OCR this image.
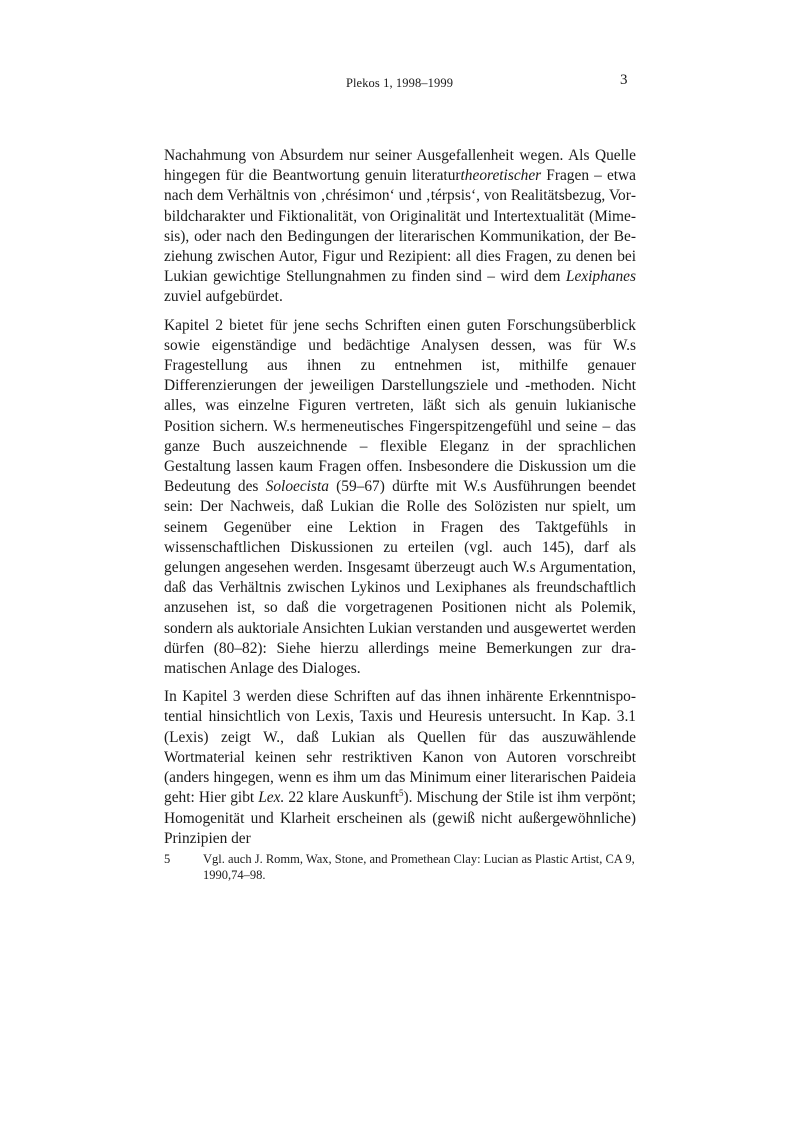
Plekos 1, 1998–1999	3

Nachahmung von Absurdem nur seiner Ausgefallenheit wegen. Als Quelle hingegen für die Beantwortung genuin literaturtheoretischer Fragen – etwa nach dem Verhältnis von ‚chrésimon‘ und ‚térpsis‘, von Realitätsbezug, Vorbildcharakter und Fiktionalität, von Originalität und Intertextualität (Mimesis), oder nach den Bedingungen der literarischen Kommunikation, der Beziehung zwischen Autor, Figur und Rezipient: all dies Fragen, zu denen bei Lukian gewichtige Stellungnahmen zu finden sind – wird dem Lexiphanes zuviel aufgebürdet.

Kapitel 2 bietet für jene sechs Schriften einen guten Forschungsüberblick sowie eigenständige und bedächtige Analysen dessen, was für W.s Fragestellung aus ihnen zu entnehmen ist, mithilfe genauer Differenzierungen der jeweiligen Darstellungsziele und -methoden. Nicht alles, was einzelne Figuren vertreten, läßt sich als genuin lukianische Position sichern. W.s hermeneutisches Fingerspitzengefühl und seine – das ganze Buch auszeichnende – flexible Eleganz in der sprachlichen Gestaltung lassen kaum Fragen offen. Insbesondere die Diskussion um die Bedeutung des Soloecista (59–67) dürfte mit W.s Ausführungen beendet sein: Der Nachweis, daß Lukian die Rolle des Solözisten nur spielt, um seinem Gegenüber eine Lektion in Fragen des Taktgefühls in wissenschaftlichen Diskussionen zu erteilen (vgl. auch 145), darf als gelungen angesehen werden. Insgesamt überzeugt auch W.s Argumentation, daß das Verhältnis zwischen Lykinos und Lexiphanes als freundschaftlich anzusehen ist, so daß die vorgetragenen Positionen nicht als Polemik, sondern als auktoriale Ansichten Lukian verstanden und ausgewertet werden dürfen (80–82): Siehe hierzu allerdings meine Bemerkungen zur dramatischen Anlage des Dialoges.

In Kapitel 3 werden diese Schriften auf das ihnen inhärente Erkenntnispotential hinsichtlich von Lexis, Taxis und Heuresis untersucht. In Kap. 3.1 (Lexis) zeigt W., daß Lukian als Quellen für das auszuwählende Wortmaterial keinen sehr restriktiven Kanon von Autoren vorschreibt (anders hingegen, wenn es ihm um das Minimum einer literarischen Paideia geht: Hier gibt Lex. 22 klare Auskunft$^5$). Mischung der Stile ist ihm verpönt; Homogenität und Klarheit erscheinen als (gewiß nicht außergewöhnliche) Prinzipien der

5	Vgl. auch J. Romm, Wax, Stone, and Promethean Clay: Lucian as Plastic Artist, CA 9, 1990,74–98.
